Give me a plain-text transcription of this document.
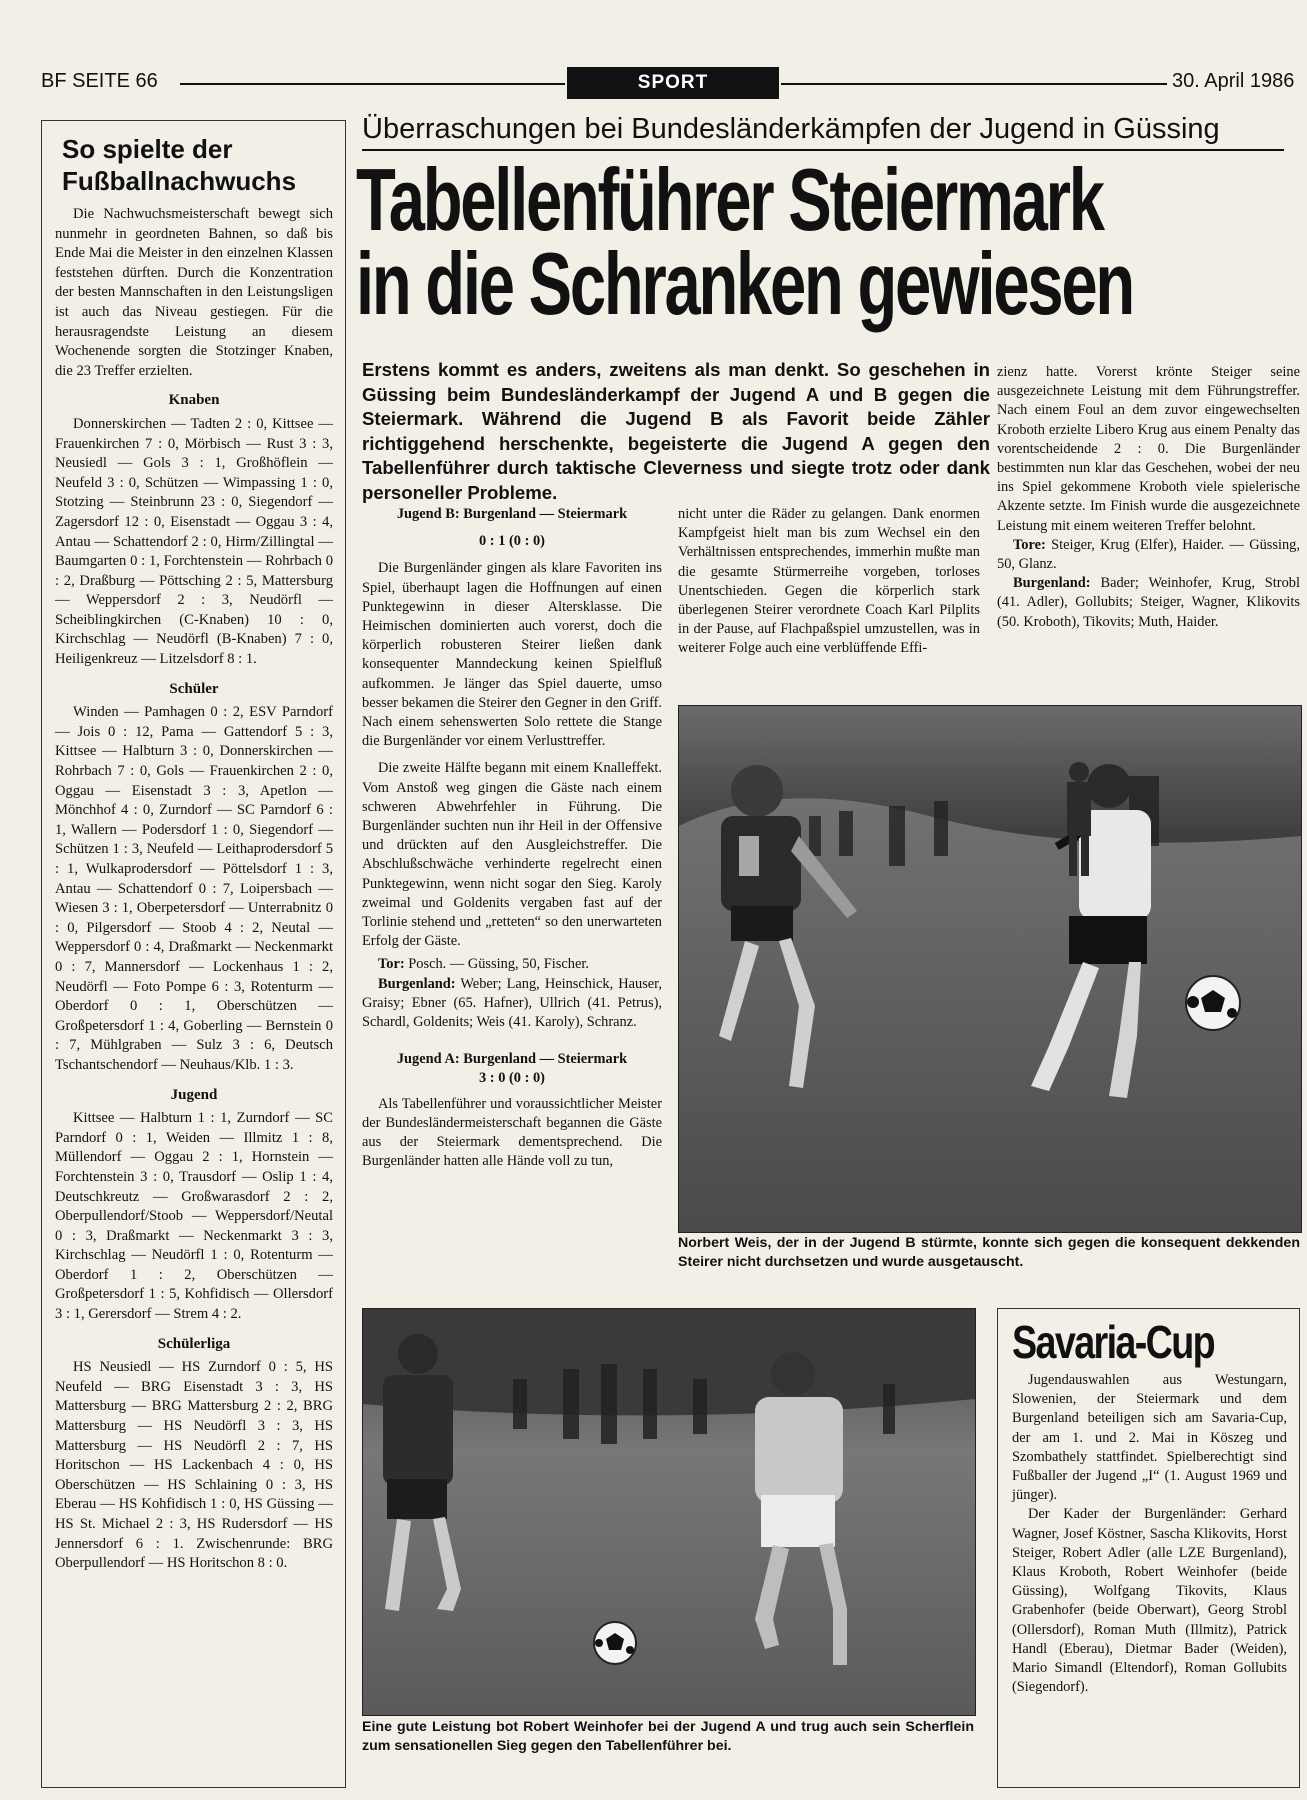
BF SEITE 66	SPORT	30. April 1986
So spielte der
Fußballnachwuchs

Die Nachwuchsmeisterschaft bewegt sich nunmehr in geordneten Bahnen, so daß bis Ende Mai die Meister in den einzelnen Klassen feststehen dürften. Durch die Konzentration der besten Mannschaften in den Leistungsligen ist auch das Niveau gestiegen. Für die herausragendste Leistung an diesem Wochenende sorgten die Stotzinger Knaben, die 23 Treffer erzielten.

Knaben

Donnerskirchen — Tadten 2 : 0, Kittsee — Frauenkirchen 7 : 0, Mörbisch — Rust 3 : 3, Neusiedl — Gols 3 : 1, Großhöflein — Neufeld 3 : 0, Schützen — Wimpassing 1 : 0, Stotzing — Steinbrunn 23 : 0, Siegendorf — Zagersdorf 12 : 0, Eisenstadt — Oggau 3 : 4, Antau — Schattendorf 2 : 0, Hirm/Zillingtal — Baumgarten 0 : 1, Forchtenstein — Rohrbach 0 : 2, Draßburg — Pöttsching 2 : 5, Mattersburg — Weppersdorf 2 : 3, Neudörfl — Scheiblingkirchen (C-Knaben) 10 : 0, Kirchschlag — Neudörfl (B-Knaben) 7 : 0, Heiligenkreuz — Litzelsdorf 8 : 1.

Schüler

Winden — Pamhagen 0 : 2, ESV Parndorf — Jois 0 : 12, Pama — Gattendorf 5 : 3, Kittsee — Halbturn 3 : 0, Donnerskirchen — Rohrbach 7 : 0, Gols — Frauenkirchen 2 : 0, Oggau — Eisenstadt 3 : 3, Apetlon — Mönchhof 4 : 0, Zurndorf — SC Parndorf 6 : 1, Wallern — Podersdorf 1 : 0, Siegendorf — Schützen 1 : 3, Neufeld — Leithaprodersdorf 5 : 1, Wulkaprodersdorf — Pöttelsdorf 1 : 3, Antau — Schattendorf 0 : 7, Loipersbach — Wiesen 3 : 1, Oberpetersdorf — Unterrabnitz 0 : 0, Pilgersdorf — Stoob 4 : 2, Neutal — Weppersdorf 0 : 4, Draßmarkt — Neckenmarkt 0 : 7, Mannersdorf — Lockenhaus 1 : 2, Neudörfl — Foto Pompe 6 : 3, Rotenturm — Oberdorf 0 : 1, Oberschützen — Großpetersdorf 1 : 4, Goberling — Bernstein 0 : 7, Mühlgraben — Sulz 3 : 6, Deutsch Tschantschendorf — Neuhaus/Klb. 1 : 3.

Jugend

Kittsee — Halbturn 1 : 1, Zurndorf — SC Parndorf 0 : 1, Weiden — Illmitz 1 : 8, Müllendorf — Oggau 2 : 1, Hornstein — Forchtenstein 3 : 0, Trausdorf — Oslip 1 : 4, Deutschkreutz — Großwarasdorf 2 : 2, Oberpullendorf/Stoob — Weppersdorf/Neutal 0 : 3, Draßmarkt — Neckenmarkt 3 : 3, Kirchschlag — Neudörfl 1 : 0, Rotenturm — Oberdorf 1 : 2, Oberschützen — Großpetersdorf 1 : 5, Kohfidisch — Ollersdorf 3 : 1, Gerersdorf — Strem 4 : 2.

Schülerliga

HS Neusiedl — HS Zurndorf 0 : 5, HS Neufeld — BRG Eisenstadt 3 : 3, HS Mattersburg — BRG Mattersburg 2 : 2, BRG Mattersburg — HS Neudörfl 3 : 3, HS Mattersburg — HS Neudörfl 2 : 7, HS Horitschon — HS Lackenbach 4 : 0, HS Oberschützen — HS Schlaining 0 : 3, HS Eberau — HS Kohfidisch 1 : 0, HS Güssing — HS St. Michael 2 : 3, HS Rudersdorf — HS Jennersdorf 6 : 1. Zwischenrunde: BRG Oberpullendorf — HS Horitschon 8 : 0.

Überraschungen bei Bundesländerkämpfen der Jugend in Güssing
Tabellenführer Steiermark
in die Schranken gewiesen
Erstens kommt es anders, zweitens als man denkt. So geschehen in Güssing beim Bundesländerkampf der Jugend A und B gegen die Steiermark. Während die Jugend B als Favorit beide Zähler richtiggehend herschenkte, begeisterte die Jugend A gegen den Tabellenführer durch taktische Cleverness und siegte trotz oder dank personeller Probleme.
Jugend B: Burgenland — Steiermark
0 : 1 (0 : 0)

Die Burgenländer gingen als klare Favoriten ins Spiel, überhaupt lagen die Hoffnungen auf einen Punktegewinn in dieser Altersklasse. Die Heimischen dominierten auch vorerst, doch die körperlich robusteren Steirer ließen dank konsequenter Manndeckung keinen Spielfluß aufkommen. Je länger das Spiel dauerte, umso besser bekamen die Steirer den Gegner in den Griff. Nach einem sehenswerten Solo rettete die Stange die Burgenländer vor einem Verlusttreffer.

Die zweite Hälfte begann mit einem Knalleffekt. Vom Anstoß weg gingen die Gäste nach einem schweren Abwehrfehler in Führung. Die Burgenländer suchten nun ihr Heil in der Offensive und drückten auf den Ausgleichstreffer. Die Abschlußschwäche verhinderte regelrecht einen Punktegewinn, wenn nicht sogar den Sieg. Karoly zweimal und Goldenits vergaben fast auf der Torlinie stehend und „retteten“ so den unerwarteten Erfolg der Gäste.

Tor: Posch. — Güssing, 50, Fischer.

Burgenland: Weber; Lang, Heinschick, Hauser, Graisy; Ebner (65. Hafner), Ullrich (41. Petrus), Schardl, Goldenits; Weis (41. Karoly), Schranz.

Jugend A: Burgenland — Steiermark
3 : 0 (0 : 0)

Als Tabellenführer und voraussichtlicher Meister der Bundesländermeisterschaft begannen die Gäste aus der Steiermark dementsprechend. Die Burgenländer hatten alle Hände voll zu tun,

nicht unter die Räder zu gelangen. Dank enormen Kampfgeist hielt man bis zum Wechsel ein den Verhältnissen entsprechendes, immerhin mußte man die gesamte Stürmerreihe vorgeben, torloses Unentschieden. Gegen die körperlich stark überlegenen Steirer verordnete Coach Karl Pilplits in der Pause, auf Flachpaßspiel umzustellen, was in weiterer Folge auch eine verblüffende Effi-

zienz hatte. Vorerst krönte Steiger seine ausgezeichnete Leistung mit dem Führungstreffer. Nach einem Foul an dem zuvor eingewechselten Kroboth erzielte Libero Krug aus einem Penalty das vorentscheidende 2 : 0. Die Burgenländer bestimmten nun klar das Geschehen, wobei der neu ins Spiel gekommene Kroboth viele spielerische Akzente setzte. Im Finish wurde die ausgezeichnete Leistung mit einem weiteren Treffer belohnt.

Tore: Steiger, Krug (Elfer), Haider. — Güssing, 50, Glanz.

Burgenland: Bader; Weinhofer, Krug, Strobl (41. Adler), Gollubits; Steiger, Wagner, Klikovits (50. Kroboth), Tikovits; Muth, Haider.

Norbert Weis, der in der Jugend B stürmte, konnte sich gegen die konsequent dekkenden Steirer nicht durchsetzen und wurde ausgetauscht.
Eine gute Leistung bot Robert Weinhofer bei der Jugend A und trug auch sein Scherflein zum sensationellen Sieg gegen den Tabellenführer bei.
Savaria-Cup

Jugendauswahlen aus Westungarn, Slowenien, der Steiermark und dem Burgenland beteiligen sich am Savaria-Cup, der am 1. und 2. Mai in Köszeg und Szombathely stattfindet. Spielberechtigt sind Fußballer der Jugend „I“ (1. August 1969 und jünger).

Der Kader der Burgenländer: Gerhard Wagner, Josef Köstner, Sascha Klikovits, Horst Steiger, Robert Adler (alle LZE Burgenland), Klaus Kroboth, Robert Weinhofer (beide Güssing), Wolfgang Tikovits, Klaus Grabenhofer (beide Oberwart), Georg Strobl (Ollersdorf), Roman Muth (Illmitz), Patrick Handl (Eberau), Dietmar Bader (Weiden), Mario Simandl (Eltendorf), Roman Gollubits (Siegendorf).
